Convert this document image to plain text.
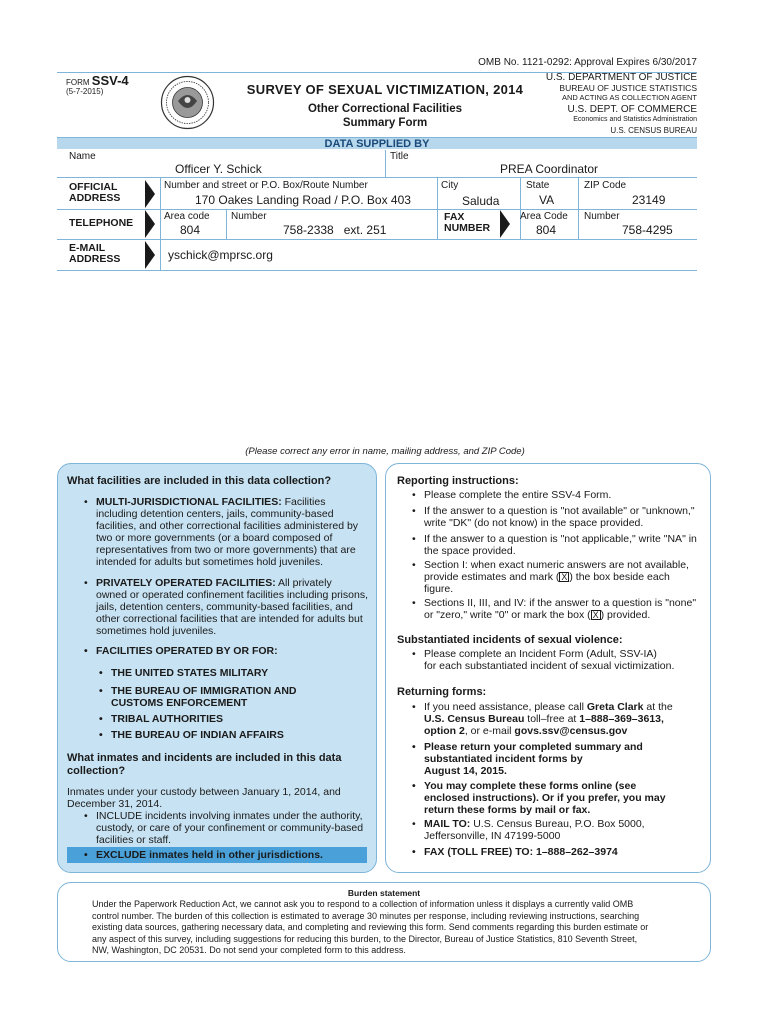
OMB No. 1121-0292: Approval Expires 6/30/2017
FORM SSV-4
(5-7-2015)	SURVEY OF SEXUAL VICTIMIZATION, 2014
Other Correctional Facilities
Summary Form
U.S. DEPARTMENT OF JUSTICE
BUREAU OF JUSTICE STATISTICS
AND ACTING AS COLLECTION AGENT
U.S. DEPT. OF COMMERCE
Economics and Statistics Administration
U.S. CENSUS BUREAU
DATA SUPPLIED BY
Name
Officer Y. Schick
Title
PREA Coordinator
OFFICIAL
ADDRESS
Number and street or P.O. Box/Route Number
170 Oakes Landing Road / P.O. Box 403
City
Saluda
State
VA
ZIP Code
23149
TELEPHONE
Area code
804
Number
758-2338   ext. 251
FAX
NUMBER
Area Code
804
Number
758-4295
E-MAIL
ADDRESS	yschick@mprsc.org
(Please correct any error in name, mailing address, and ZIP Code)
What facilities are included in this data collection?
• MULTI-JURISDICTIONAL FACILITIES: Facilities
including detention centers, jails, community-based
facilities, and other correctional facilities administered by
two or more governments (or a board composed of
representatives from two or more governments) that are
intended for adults but sometimes hold juveniles.
• PRIVATELY OPERATED FACILITIES: All privately
owned or operated confinement facilities including prisons,
jails, detention centers, community-based facilities, and
other correctional facilities that are intended for adults but
sometimes hold juveniles.
• FACILITIES OPERATED BY OR FOR:
• THE UNITED STATES MILITARY
• THE BUREAU OF IMMIGRATION AND
CUSTOMS ENFORCEMENT
• TRIBAL AUTHORITIES
• THE BUREAU OF INDIAN AFFAIRS
What inmates and incidents are included in this data
collection?
Inmates under your custody between January 1, 2014, and
December 31, 2014.
• INCLUDE incidents involving inmates under the authority,
custody, or care of your confinement or community-based
facilities or staff.
• EXCLUDE inmates held in other jurisdictions.
Reporting instructions:
• Please complete the entire SSV-4 Form.
• If the answer to a question is "not available" or "unknown,"
write "DK" (do not know) in the space provided.
• If the answer to a question is "not applicable," write "NA" in
the space provided.
• Section I: when exact numeric answers are not available,
provide estimates and mark ( X ) the box beside each
figure.
• Sections II, III, and IV: if the answer to a question is "none"
or "zero," write "0" or mark the box ( X ) provided.
Substantiated incidents of sexual violence:
• Please complete an Incident Form (Adult, SSV-IA)
for each substantiated incident of sexual victimization.
Returning forms:
• If you need assistance, please call Greta Clark at the
U.S. Census Bureau toll–free at 1–888–369–3613,
option 2, or e-mail govs.ssv@census.gov
• Please return your completed summary and
substantiated incident forms by
August 14, 2015.
• You may complete these forms online (see
enclosed instructions). Or if you prefer, you may
return these forms by mail or fax.
• MAIL TO: U.S. Census Bureau, P.O. Box 5000,
Jeffersonville, IN 47199-5000
• FAX (TOLL FREE) TO: 1–888–262–3974
Burden statement
Under the Paperwork Reduction Act, we cannot ask you to respond to a collection of information unless it displays a currently valid OMB
control number. The burden of this collection is estimated to average 30 minutes per response, including reviewing instructions, searching
existing data sources, gathering necessary data, and completing and reviewing this form. Send comments regarding this burden estimate or
any aspect of this survey, including suggestions for reducing this burden, to the Director, Bureau of Justice Statistics, 810 Seventh Street,
NW, Washington, DC 20531. Do not send your completed form to this address.
